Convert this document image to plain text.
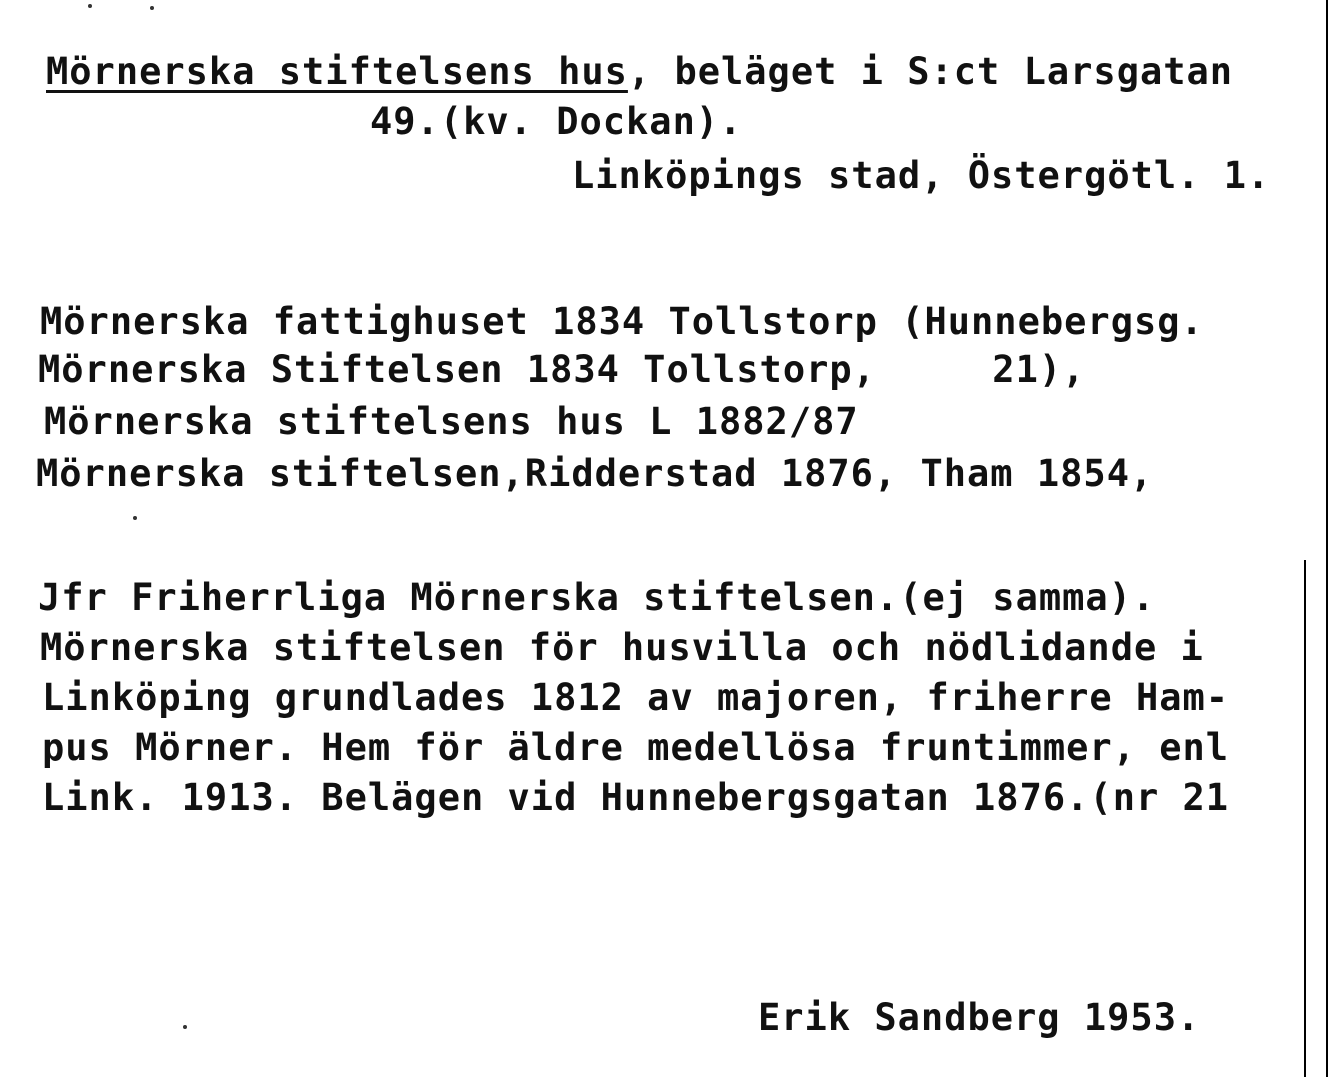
Mörnerska stiftelsens hus, beläget i S:ct Larsgatan
49.(kv. Dockan).
Linköpings stad, Östergötl. 1.
Mörnerska fattighuset 1834 Tollstorp (Hunnebergsg.
Mörnerska Stiftelsen 1834 Tollstorp,     21),
Mörnerska stiftelsens hus L 1882/87
Mörnerska stiftelsen,Ridderstad 1876, Tham 1854,
Jfr Friherrliga Mörnerska stiftelsen.(ej samma).
Mörnerska stiftelsen för husvilla och nödlidande i
Linköping grundlades 1812 av majoren, friherre Ham-
pus Mörner. Hem för äldre medellösa fruntimmer, enl
Link. 1913. Belägen vid Hunnebergsgatan 1876.(nr 21
Erik Sandberg 1953.
